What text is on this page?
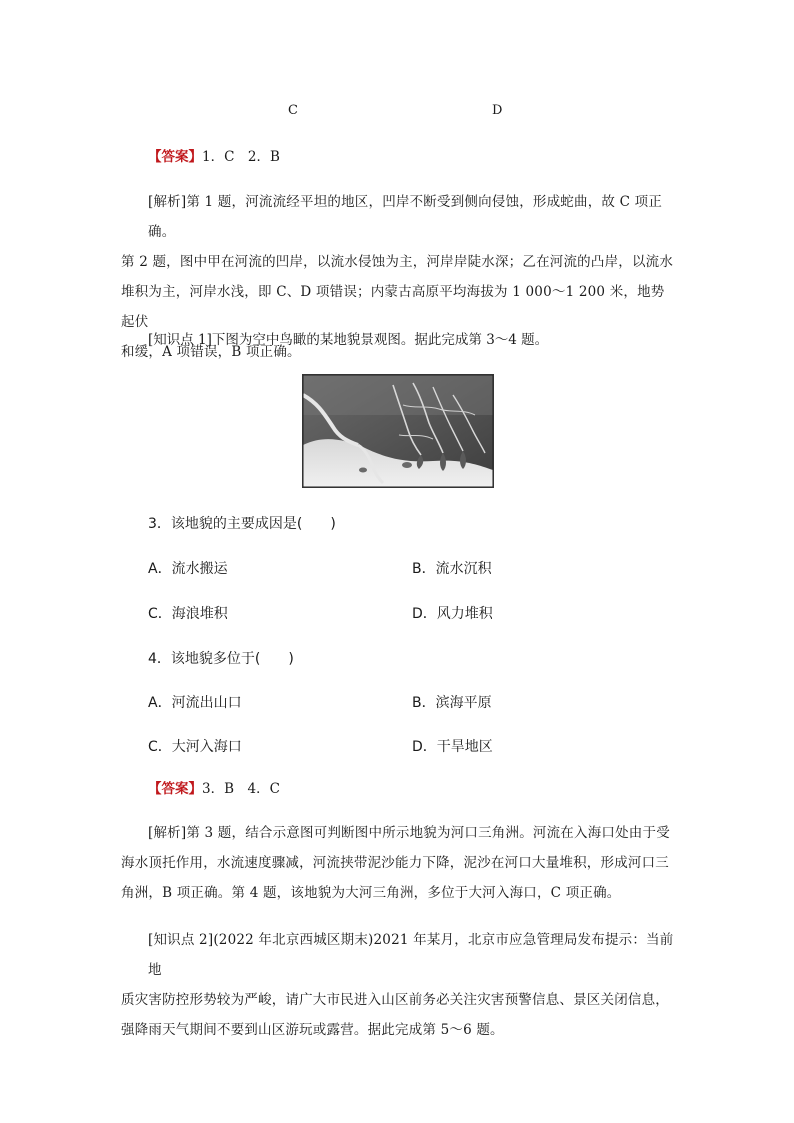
C	D
【答案】1．C　2．B
[解析]第 1 题，河流流经平坦的地区，凹岸不断受到侧向侵蚀，形成蛇曲，故 C 项正确。
第 2 题，图中甲在河流的凹岸，以流水侵蚀为主，河岸岸陡水深；乙在河流的凸岸，以流水
堆积为主，河岸水浅，即 C、D 项错误；内蒙古高原平均海拔为 1 000～1 200 米，地势起伏
和缓，A 项错误，B 项正确。
[知识点 1]下图为空中鸟瞰的某地貌景观图。据此完成第 3～4 题。
3．该地貌的主要成因是(　　)
A．流水搬运	B．流水沉积
C．海浪堆积	D．风力堆积
4．该地貌多位于(　　)
A．河流出山口	B．滨海平原
C．大河入海口	D．干旱地区
【答案】3．B　4．C
[解析]第 3 题，结合示意图可判断图中所示地貌为河口三角洲。河流在入海口处由于受
海水顶托作用，水流速度骤减，河流挟带泥沙能力下降，泥沙在河口大量堆积，形成河口三
角洲，B 项正确。第 4 题，该地貌为大河三角洲，多位于大河入海口，C 项正确。
[知识点 2](2022 年北京西城区期末)2021 年某月，北京市应急管理局发布提示：当前地
质灾害防控形势较为严峻，请广大市民进入山区前务必关注灾害预警信息、景区关闭信息，
强降雨天气期间不要到山区游玩或露营。据此完成第 5～6 题。
